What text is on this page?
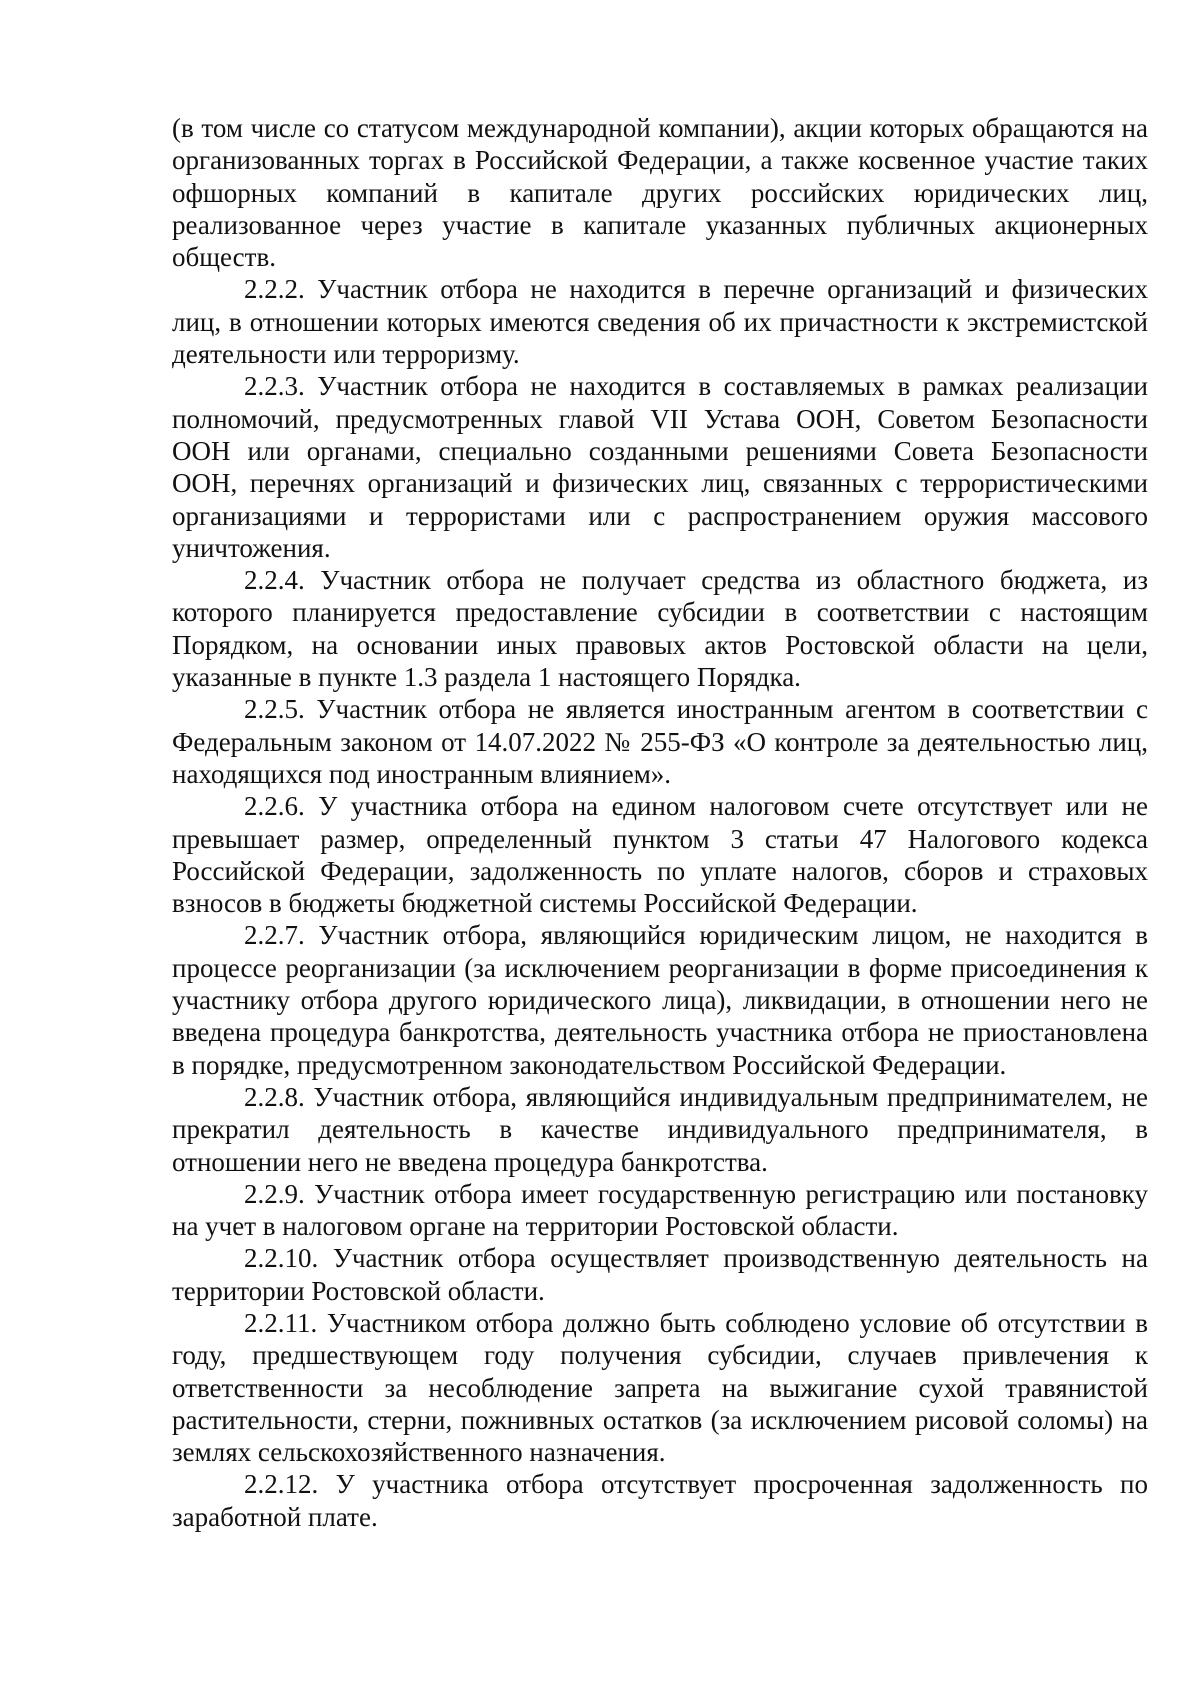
(в том числе со статусом международной компании), акции которых обращаются на организованных торгах в Российской Федерации, а также косвенное участие таких офшорных компаний в капитале других российских юридических лиц, реализованное через участие в капитале указанных публичных акционерных обществ.

2.2.2. Участник отбора не находится в перечне организаций и физических лиц, в отношении которых имеются сведения об их причастности к экстремистской деятельности или терроризму.

2.2.3. Участник отбора не находится в составляемых в рамках реализации полномочий, предусмотренных главой VII Устава ООН, Советом Безопасности ООН или органами, специально созданными решениями Совета Безопасности ООН, перечнях организаций и физических лиц, связанных с террористическими организациями и террористами или с распространением оружия массового уничтожения.

2.2.4. Участник отбора не получает средства из областного бюджета, из которого планируется предоставление субсидии в соответствии с настоящим Порядком, на основании иных правовых актов Ростовской области на цели, указанные в пункте 1.3 раздела 1 настоящего Порядка.

2.2.5. Участник отбора не является иностранным агентом в соответствии с Федеральным законом от 14.07.2022 № 255-ФЗ «О контроле за деятельностью лиц, находящихся под иностранным влиянием».

2.2.6. У участника отбора на едином налоговом счете отсутствует или не превышает размер, определенный пунктом 3 статьи 47 Налогового кодекса Российской Федерации, задолженность по уплате налогов, сборов и страховых взносов в бюджеты бюджетной системы Российской Федерации.

2.2.7. Участник отбора, являющийся юридическим лицом, не находится в процессе реорганизации (за исключением реорганизации в форме присоединения к участнику отбора другого юридического лица), ликвидации, в отношении него не введена процедура банкротства, деятельность участника отбора не приостановлена в порядке, предусмотренном законодательством Российской Федерации.

2.2.8. Участник отбора, являющийся индивидуальным предпринимателем, не прекратил деятельность в качестве индивидуального предпринимателя, в отношении него не введена процедура банкротства.

2.2.9. Участник отбора имеет государственную регистрацию или постановку на учет в налоговом органе на территории Ростовской области.

2.2.10. Участник отбора осуществляет производственную деятельность на территории Ростовской области.

2.2.11. Участником отбора должно быть соблюдено условие об отсутствии в году, предшествующем году получения субсидии, случаев привлечения к ответственности за несоблюдение запрета на выжигание сухой травянистой растительности, стерни, пожнивных остатков (за исключением рисовой соломы) на землях сельскохозяйственного назначения.

2.2.12. У участника отбора отсутствует просроченная задолженность по заработной плате.
